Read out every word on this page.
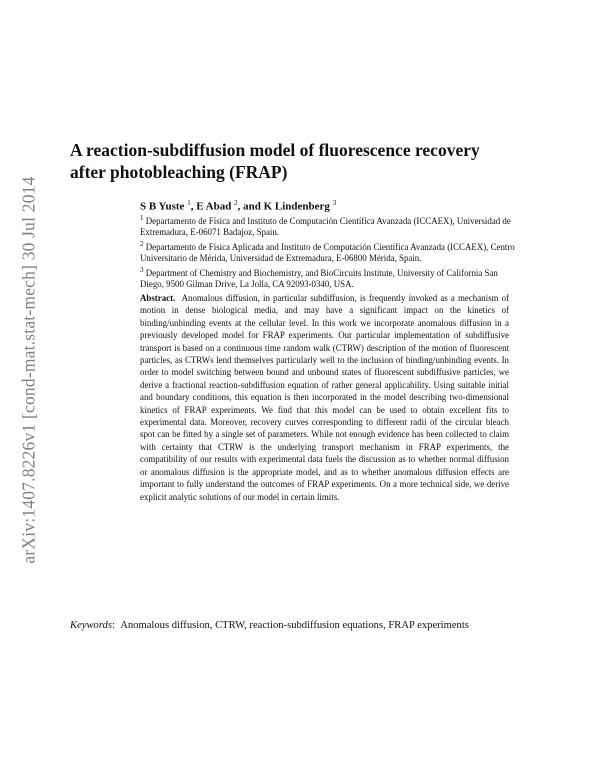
arXiv:1407.8226v1 [cond-mat.stat-mech] 30 Jul 2014
A reaction-subdiffusion model of fluorescence recovery after photobleaching (FRAP)

S B Yuste $^1$, E Abad $^2$, and K Lindenberg $^3$

$^1$ Departamento de Física and Instituto de Computación Científica Avanzada (ICCAEX), Universidad de Extremadura, E-06071 Badajoz, Spain.

$^2$ Departamento de Física Aplicada and Instituto de Computación Científica Avanzada (ICCAEX), Centro Universitario de Mérida, Universidad de Extremadura, E-06800 Mérida, Spain.

$^3$ Department of Chemistry and Biochemistry, and BioCircuits Institute, University of California San Diego, 9500 Gilman Drive, La Jolla, CA 92093-0340, USA.

Abstract. Anomalous diffusion, in particular subdiffusion, is frequently invoked as a mechanism of motion in dense biological media, and may have a significant impact on the kinetics of binding/unbinding events at the cellular level. In this work we incorporate anomalous diffusion in a previously developed model for FRAP experiments. Our particular implementation of subdiffusive transport is based on a continuous time random walk (CTRW) description of the motion of fluorescent particles, as CTRWs lend themselves particularly well to the inclusion of binding/unbinding events. In order to model switching between bound and unbound states of fluorescent subdiffusive particles, we derive a fractional reaction-subdiffusion equation of rather general applicability. Using suitable initial and boundary conditions, this equation is then incorporated in the model describing two-dimensional kinetics of FRAP experiments. We find that this model can be used to obtain excellent fits to experimental data. Moreover, recovery curves corresponding to different radii of the circular bleach spot can be fitted by a single set of parameters. While not enough evidence has been collected to claim with certainty that CTRW is the underlying transport mechanism in FRAP experiments, the compatibility of our results with experimental data fuels the discussion as to whether normal diffusion or anomalous diffusion is the appropriate model, and as to whether anomalous diffusion effects are important to fully understand the outcomes of FRAP experiments. On a more technical side, we derive explicit analytic solutions of our model in certain limits.

Keywords:  Anomalous diffusion, CTRW, reaction-subdiffusion equations, FRAP experiments
